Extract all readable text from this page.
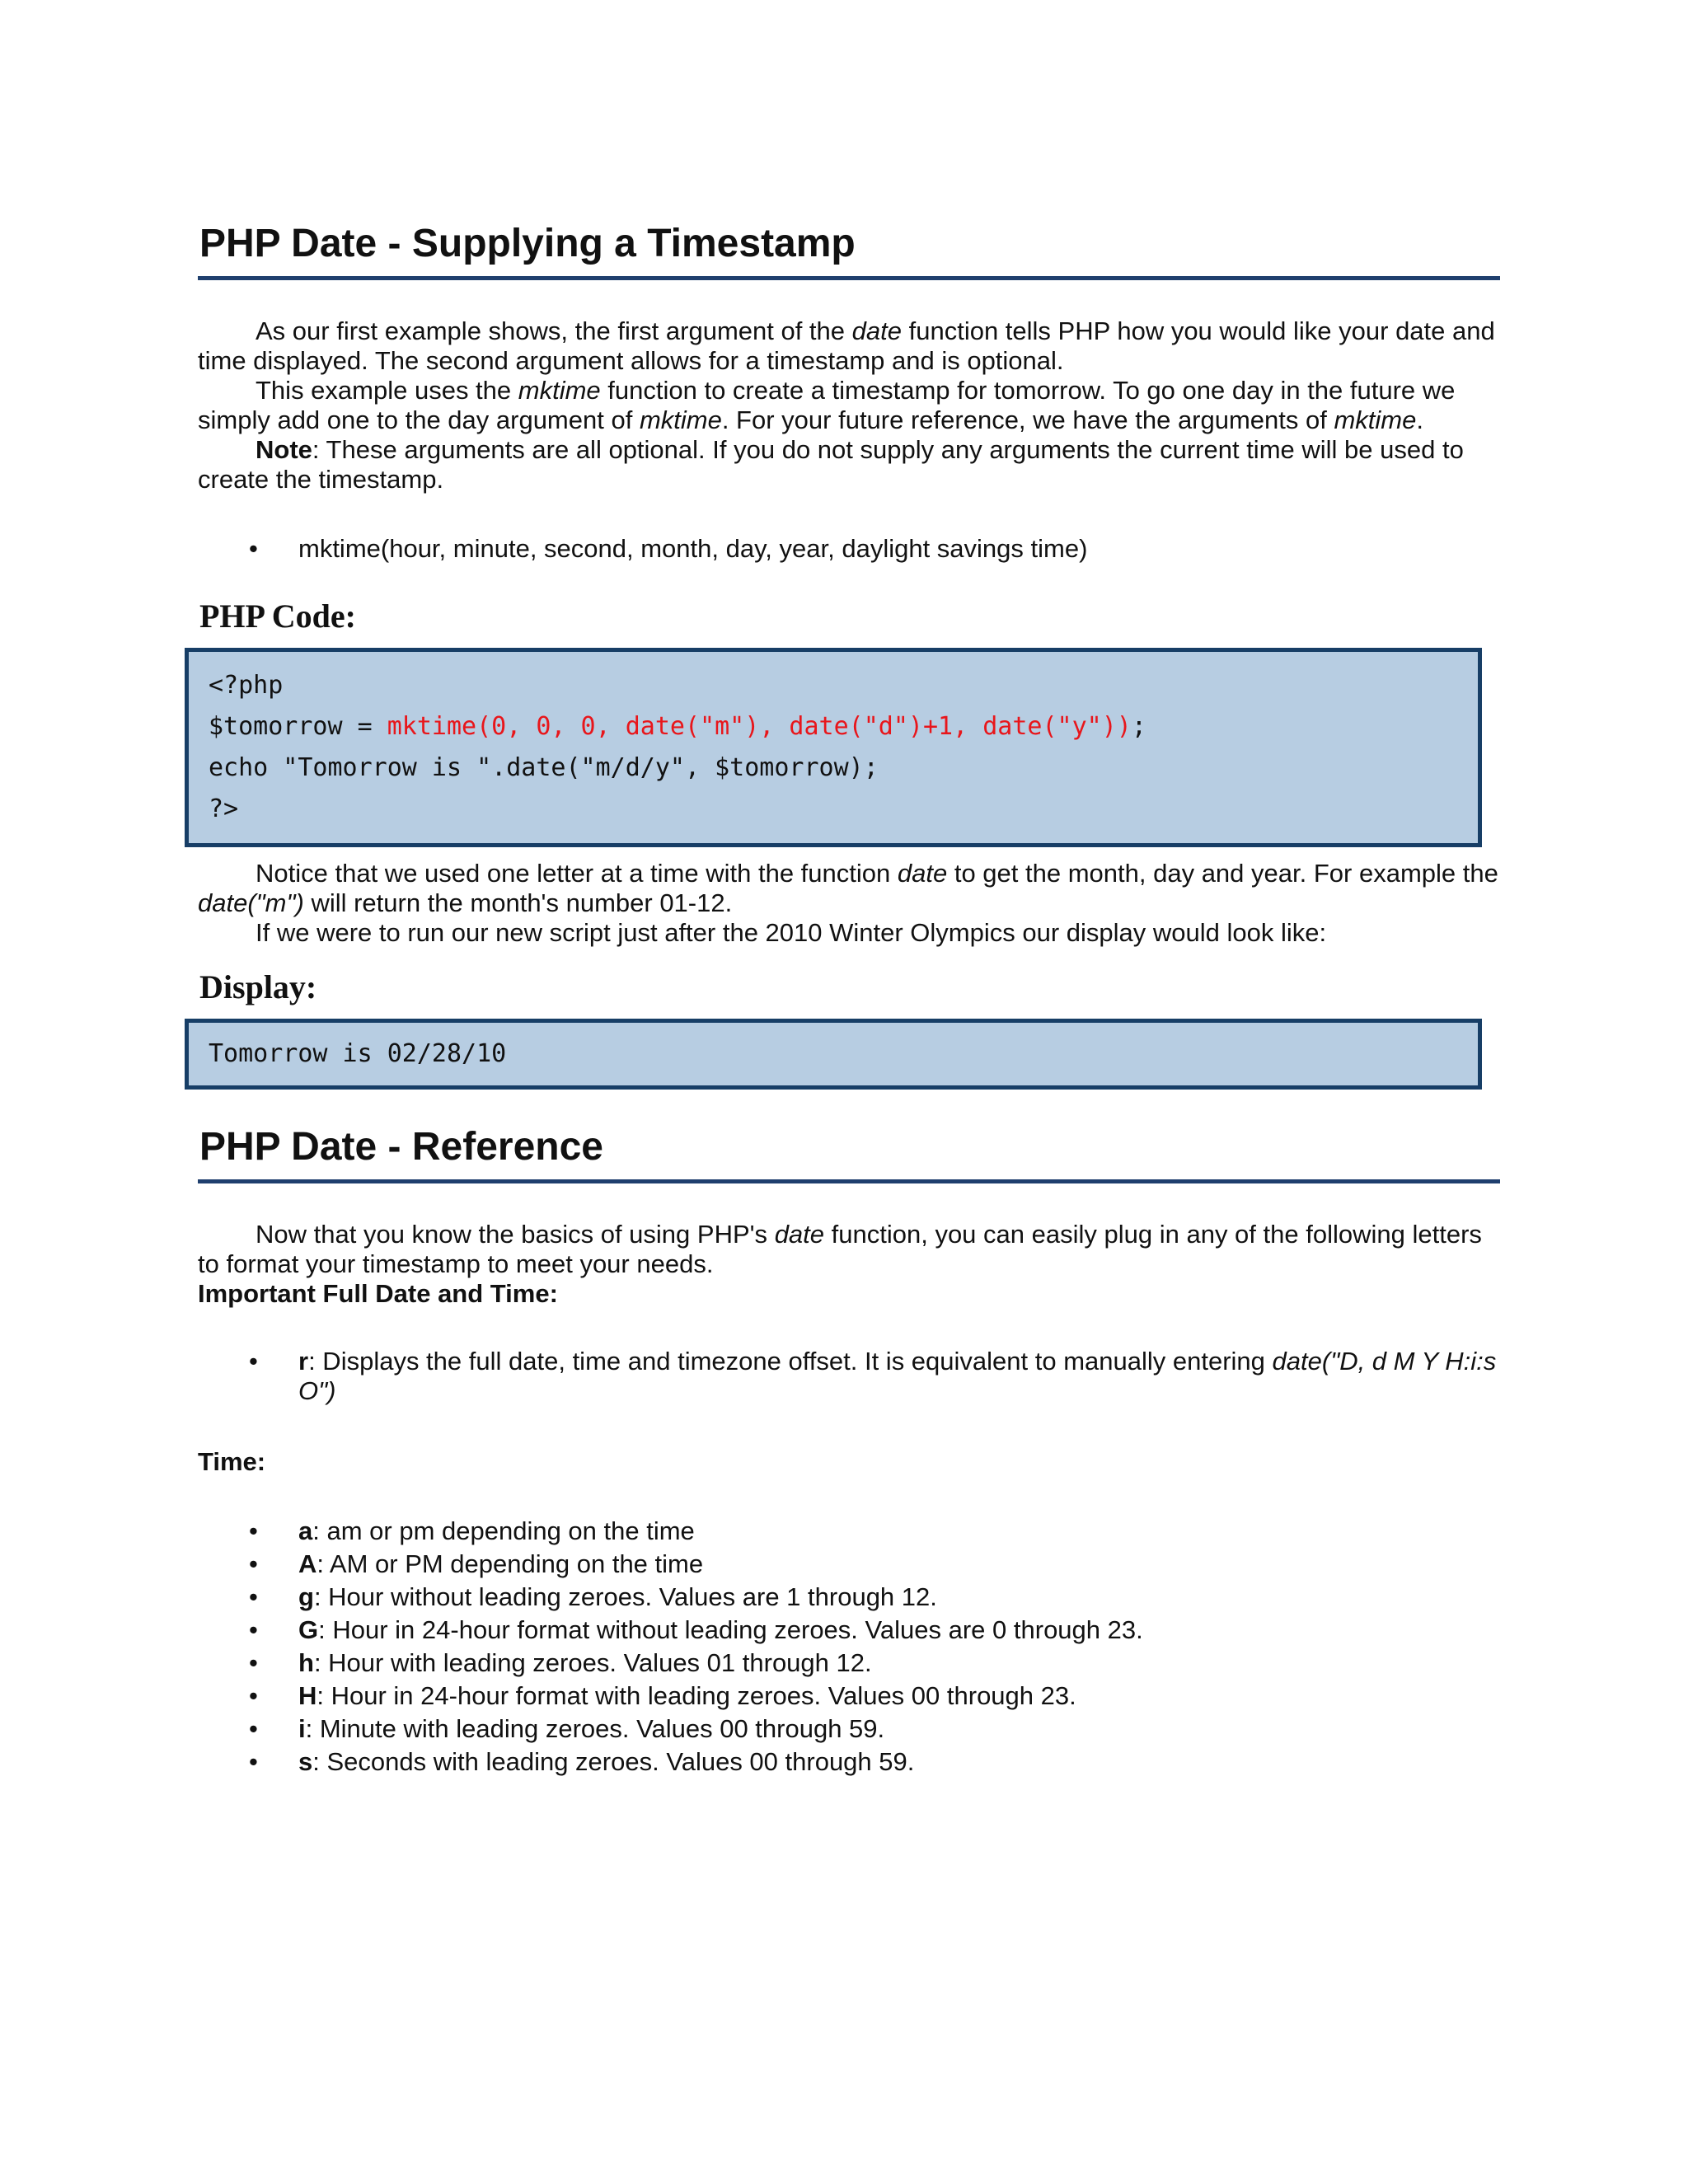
PHP Date - Supplying a Timestamp

As our first example shows, the first argument of the date function tells PHP how you would like your date and time displayed. The second argument allows for a timestamp and is optional.

This example uses the mktime function to create a timestamp for tomorrow. To go one day in the future we simply add one to the day argument of mktime. For your future reference, we have the arguments of mktime.

Note: These arguments are all optional. If you do not supply any arguments the current time will be used to create the timestamp.

• mktime(hour, minute, second, month, day, year, daylight savings time)
PHP Code:
<?php
$tomorrow = mktime(0, 0, 0, date("m"), date("d")+1, date("y"));
echo "Tomorrow is ".date("m/d/y", $tomorrow);
?>

Notice that we used one letter at a time with the function date to get the month, day and year. For example the date("m") will return the month's number 01-12.

If we were to run our new script just after the 2010 Winter Olympics our display would look like:

Display:
Tomorrow is 02/28/10
PHP Date - Reference

Now that you know the basics of using PHP's date function, you can easily plug in any of the following letters to format your timestamp to meet your needs.

Important Full Date and Time:
• r: Displays the full date, time and timezone offset. It is equivalent to manually entering date("D, d M Y H:i:s O")
Time:
• a: am or pm depending on the time
• A: AM or PM depending on the time
• g: Hour without leading zeroes. Values are 1 through 12.
• G: Hour in 24-hour format without leading zeroes. Values are 0 through 23.
• h: Hour with leading zeroes. Values 01 through 12.
• H: Hour in 24-hour format with leading zeroes. Values 00 through 23.
• i: Minute with leading zeroes. Values 00 through 59.
• s: Seconds with leading zeroes. Values 00 through 59.
